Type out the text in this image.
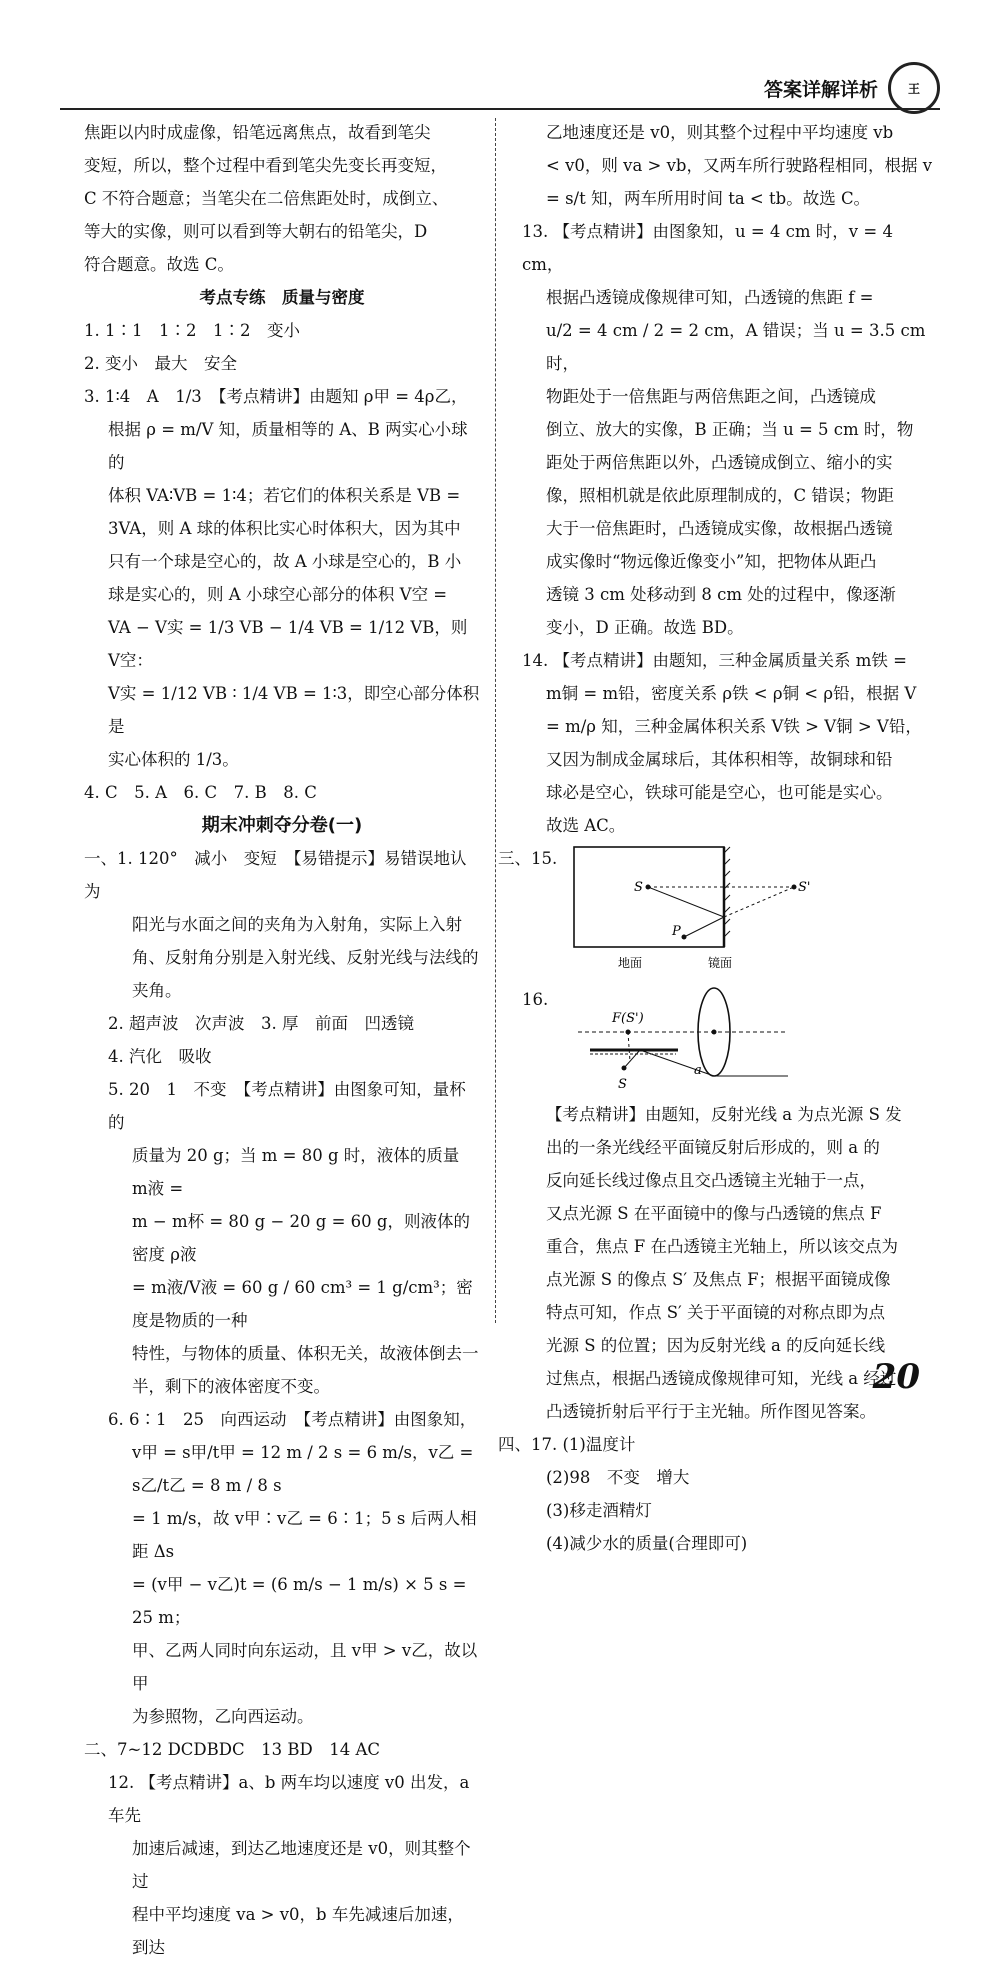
答案详解详析	王

焦距以内时成虚像，铅笔远离焦点，故看到笔尖

变短，所以，整个过程中看到笔尖先变长再变短，

C 不符合题意；当笔尖在二倍焦距处时，成倒立、

等大的实像，则可以看到等大朝右的铅笔尖，D

符合题意。故选 C。

考点专练　质量与密度

1. 1∶1　1∶2　1∶2　变小

2. 变小　最大　安全

3. 1∶4　A　1/3　【考点精讲】由题知 ρ甲 = 4ρ乙，

根据 ρ = m/V 知，质量相等的 A、B 两实心小球的

体积 VA∶VB = 1∶4；若它们的体积关系是 VB =

3VA，则 A 球的体积比实心时体积大，因为其中

只有一个球是空心的，故 A 小球是空心的，B 小

球是实心的，则 A 小球空心部分的体积 V空 =

VA − V实 = 1/3 VB − 1/4 VB = 1/12 VB，则 V空：

V实 = 1/12 VB ∶ 1/4 VB = 1∶3，即空心部分体积是

实心体积的 1/3。

4. C　5. A　6. C　7. B　8. C

期末冲刺夺分卷(一)

一、1. 120°　减小　变短　【易错提示】易错误地认为

阳光与水面之间的夹角为入射角，实际上入射

角、反射角分别是入射光线、反射光线与法线的

夹角。

2. 超声波　次声波　3. 厚　前面　凹透镜

4. 汽化　吸收

5. 20　1　不变　【考点精讲】由图象可知，量杯的

质量为 20 g；当 m = 80 g 时，液体的质量 m液 =

m − m杯 = 80 g − 20 g = 60 g，则液体的密度 ρ液

= m液/V液 = 60 g / 60 cm³ = 1 g/cm³；密度是物质的一种

特性，与物体的质量、体积无关，故液体倒去一

半，剩下的液体密度不变。

6. 6∶1　25　向西运动　【考点精讲】由图象知，

v甲 = s甲/t甲 = 12 m / 2 s = 6 m/s，v乙 = s乙/t乙 = 8 m / 8 s

= 1 m/s，故 v甲∶v乙 = 6∶1；5 s 后两人相距 Δs

= (v甲 − v乙)t = (6 m/s − 1 m/s) × 5 s = 25 m；

甲、乙两人同时向东运动，且 v甲 > v乙，故以甲

为参照物，乙向西运动。

二、7~12 DCDBDC　13 BD　14 AC

12. 【考点精讲】a、b 两车均以速度 v0 出发，a 车先

加速后减速，到达乙地速度还是 v0，则其整个过

程中平均速度 va > v0，b 车先减速后加速，到达

乙地速度还是 v0，则其整个过程中平均速度 vb

< v0，则 va > vb，又两车所行驶路程相同，根据 v

= s/t 知，两车所用时间 ta < tb。故选 C。

13. 【考点精讲】由图象知，u = 4 cm 时，v = 4 cm，

根据凸透镜成像规律可知，凸透镜的焦距 f =

u/2 = 4 cm / 2 = 2 cm，A 错误；当 u = 3.5 cm 时，

物距处于一倍焦距与两倍焦距之间，凸透镜成

倒立、放大的实像，B 正确；当 u = 5 cm 时，物

距处于两倍焦距以外，凸透镜成倒立、缩小的实

像，照相机就是依此原理制成的，C 错误；物距

大于一倍焦距时，凸透镜成实像，故根据凸透镜

成实像时“物远像近像变小”知，把物体从距凸

透镜 3 cm 处移动到 8 cm 处的过程中，像逐渐

变小，D 正确。故选 BD。

14. 【考点精讲】由题知，三种金属质量关系 m铁 =

m铜 = m铅，密度关系 ρ铁 < ρ铜 < ρ铅，根据 V

= m/ρ 知，三种金属体积关系 V铁 > V铜 > V铅，

又因为制成金属球后，其体积相等，故铜球和铅

球必是空心，铁球可能是空心，也可能是实心。

故选 AC。

三、15.

S	S'
P
地面	镜面

16.

F(S')
S
a

【考点精讲】由题知，反射光线 a 为点光源 S 发

出的一条光线经平面镜反射后形成的，则 a 的

反向延长线过像点且交凸透镜主光轴于一点，

又点光源 S 在平面镜中的像与凸透镜的焦点 F

重合，焦点 F 在凸透镜主光轴上，所以该交点为

点光源 S 的像点 S′ 及焦点 F；根据平面镜成像

特点可知，作点 S′ 关于平面镜的对称点即为点

光源 S 的位置；因为反射光线 a 的反向延长线

过焦点，根据凸透镜成像规律可知，光线 a 经过

凸透镜折射后平行于主光轴。所作图见答案。

四、17. (1)温度计

(2)98　不变　增大

(3)移走酒精灯

(4)减少水的质量(合理即可)

20
